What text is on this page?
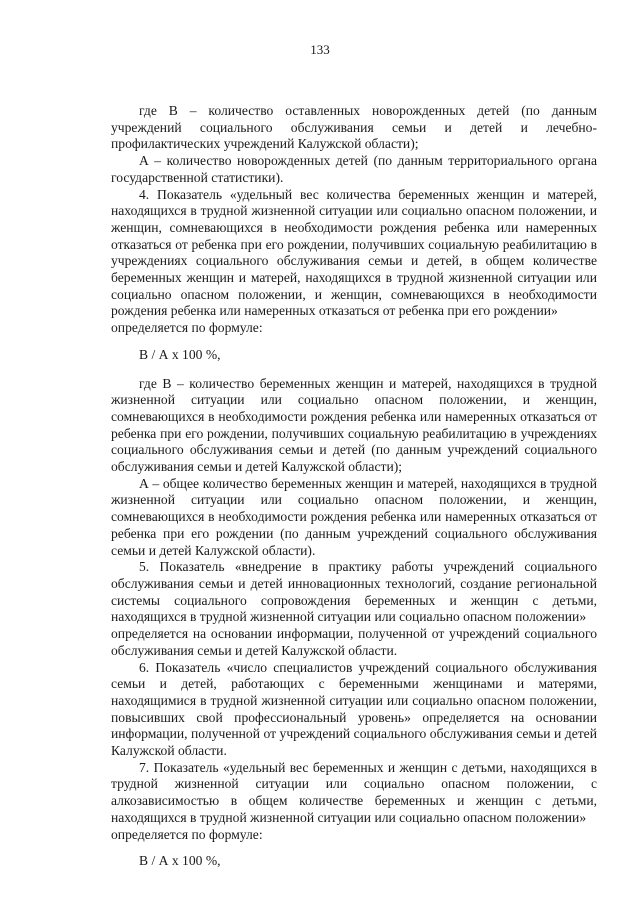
133

где B – количество оставленных новорожденных детей (по данным учреждений социального обслуживания семьи и детей и лечебно-профилактических учреждений Калужской области);

А – количество новорожденных детей (по данным территориального органа государственной статистики).

4. Показатель «удельный вес количества беременных женщин и матерей, находящихся в трудной жизненной ситуации или социально опасном положении, и женщин, сомневающихся в необходимости рождения ребенка или намеренных отказаться от ребенка при его рождении, получивших социальную реабилитацию в учреждениях социального обслуживания семьи и детей, в общем количестве беременных женщин и матерей, находящихся в трудной жизненной ситуации или социально опасном положении, и женщин, сомневающихся в необходимости рождения ребенка или намеренных отказаться от ребенка при его рождении»

определяется по формуле:

В / А х 100 %,

где В – количество беременных женщин и матерей, находящихся в трудной жизненной ситуации или социально опасном положении, и женщин, сомневающихся в необходимости рождения ребенка или намеренных отказаться от ребенка при его рождении, получивших социальную реабилитацию в учреждениях социального обслуживания семьи и детей (по данным учреждений социального обслуживания семьи и детей Калужской области);

А – общее количество беременных женщин и матерей, находящихся в трудной жизненной ситуации или социально опасном положении, и женщин, сомневающихся в необходимости рождения ребенка или намеренных отказаться от ребенка при его рождении (по данным учреждений социального обслуживания семьи и детей Калужской области).

5. Показатель «внедрение в практику работы учреждений социального обслуживания семьи и детей инновационных технологий, создание региональной системы социального сопровождения беременных и женщин с детьми, находящихся в трудной жизненной ситуации или социально опасном положении»

определяется на основании информации, полученной от учреждений социального обслуживания семьи и детей Калужской области.

6. Показатель «число специалистов учреждений социального обслуживания семьи и детей, работающих с беременными женщинами и матерями, находящимися в трудной жизненной ситуации или социально опасном положении, повысивших свой профессиональный уровень» определяется на основании информации, полученной от учреждений социального обслуживания семьи и детей Калужской области.

7. Показатель «удельный вес беременных и женщин с детьми, находящихся в трудной жизненной ситуации или социально опасном положении, с алкозависимостью в общем количестве беременных и женщин с детьми, находящихся в трудной жизненной ситуации или социально опасном положении»

определяется по формуле:

В / А х 100 %,
